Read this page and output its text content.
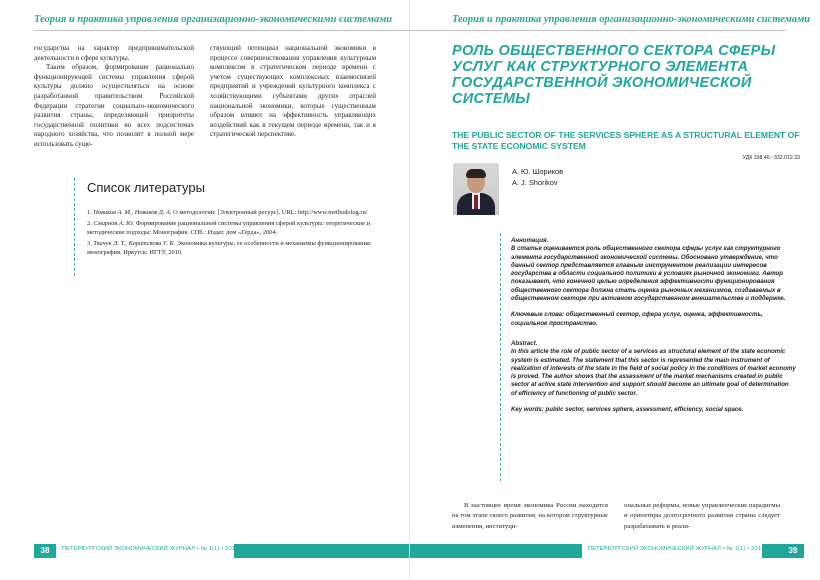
Теория и практика управления организационно-экономическими системами

государства на характер предпринимательской деятельности в сфере культуры.

Таким образом, формирование рационально функционирующей системы управления сферой культуры должно осуществляться на основе разработанной правительством Российской Федерации стратегии социально-экономического развития страны, определяющей приоритеты государственной политики во всех подсистемах народного хозяйства, что позволит в полной мере использовать суще-

ствующий потенциал национальной экономики в процессе совершенствования управления культурным комплексом в стратегическом периоде времени с учетом существующих комплексных взаимосвязей предприятий и учреждений культурного комплекса с хозяйствующими субъектами других отраслей национальной экономики, которые существенным образом влияют на эффективность управляющих воздействий как в текущем периоде времени, так и в стратегической перспективе.

Список литературы
1. Новиков А. М., Новиков Д. А. О методологии: [Электронный ресурс]. URL: http://www.methodolog.ru/
2. Смирнов А. Ю. Формирование рациональной системы управления сферой культуры: теоретические и методические подходы: Монография. СПб.: Издат. дом «Герда», 2004.
3. Ткачук Л. Т., Коритскова Г. К. Экономика культуры, ее особенности и механизмы функционирования: монография. Иркутск: ИГТУ, 2010.
38	ПЕТЕРБУРГСКИЙ ЭКОНОМИЧЕСКИЙ ЖУРНАЛ • № 1(1) • 2013
Теория и практика управления организационно-экономическими системами
РОЛЬ ОБЩЕСТВЕННОГО СЕКТОРА СФЕРЫ УСЛУГ КАК СТРУКТУРНОГО ЭЛЕМЕНТА ГОСУДАРСТВЕННОЙ ЭКОНОМИЧЕСКОЙ СИСТЕМЫ
THE PUBLIC SECTOR OF THE SERVICES SPHERE AS A STRUCTURAL ELEMENT OF THE STATE ECONOMIC SYSTEM
УДК 338.46 : 332.012.33
А. Ю. Шориков
A. J. Shorikov
Аннотация.
В статье оценивается роль общественного сектора сферы услуг как структурного элемента государственной экономической системы. Обосновано утверждение, что данный сектор представляется главным инструментом реализации интересов государства в области социальной политики в условиях рыночной экономики. Автор показывает, что конечной целью определения эффективности функционирования общественного сектора должна стать оценка рыночных механизмов, создаваемых в общественном секторе при активном государственном вмешательстве и поддержке.
Ключевые слова: общественный сектор, сфера услуг, оценка, эффективность, социальное пространство.
Abstract.
In this article the role of public sector of a services as structural element of the state economic system is estimated. The statement that this sector is represented the main instrument of realization of interests of the state in the field of social policy in the conditions of market economy is proved. The author shows that the assessment of the market mechanisms created in public sector at active state intervention and support should become an ultimate goal of determination of efficiency of functioning of public sector.
Key words: public sector, services sphere, assessment, efficiency, social space.
В настоящее время экономика России находится на том этапе своего развития, на котором структурные изменения, институци-
ональные реформы, новые управленческие парадигмы и ориентиры долгосрочного развития страны следует разрабатывать и реали-
39
ПЕТЕРБУРГСКИЙ ЭКОНОМИЧЕСКИЙ ЖУРНАЛ • № 1(1) • 2013
